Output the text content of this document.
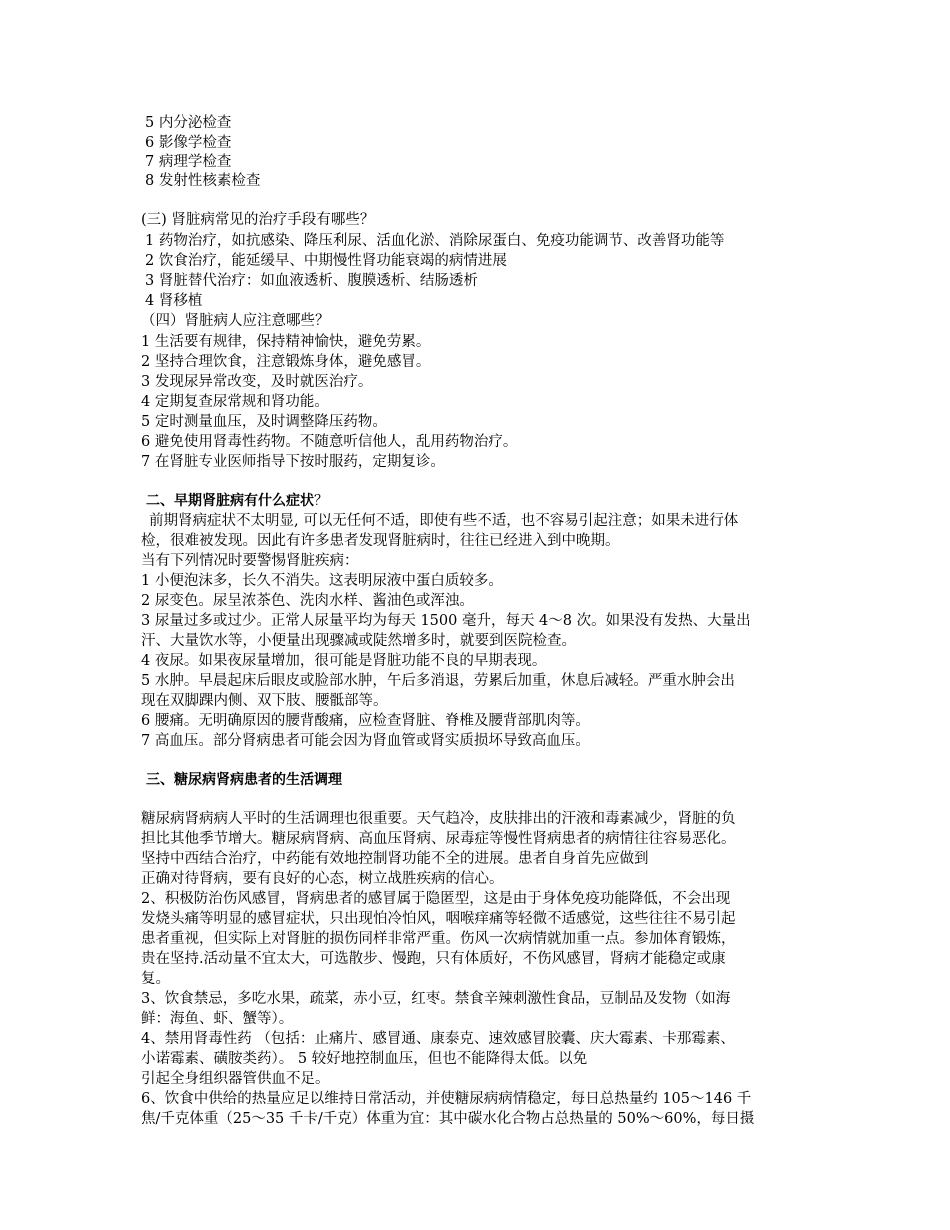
5 内分泌检查
6 影像学检查
7 病理学检查
8 发射性核素检查
(三) 肾脏病常见的治疗手段有哪些？
1 药物治疗，如抗感染、降压利尿、活血化淤、消除尿蛋白、免疫功能调节、改善肾功能等
2 饮食治疗，能延缓早、中期慢性肾功能衰竭的病情进展
3 肾脏替代治疗：如血液透析、腹膜透析、结肠透析
4 肾移植
（四）肾脏病人应注意哪些？
1 生活要有规律，保持精神愉快，避免劳累。
2 坚持合理饮食，注意锻炼身体，避免感冒。
3 发现尿异常改变，及时就医治疗。
4 定期复查尿常规和肾功能。
5 定时测量血压，及时调整降压药物。
6 避免使用肾毒性药物。不随意听信他人，乱用药物治疗。
7 在肾脏专业医师指导下按时服药，定期复诊。
二、早期肾脏病有什么症状？
前期肾病症状不太明显, 可以无任何不适，即使有些不适，也不容易引起注意；如果未进行体
检，很难被发现。因此有许多患者发现肾脏病时，往往已经进入到中晚期。
当有下列情况时要警惕肾脏疾病：
1 小便泡沫多，长久不消失。这表明尿液中蛋白质较多。
2 尿变色。尿呈浓茶色、洗肉水样、酱油色或浑浊。
3 尿量过多或过少。正常人尿量平均为每天 1500 毫升，每天 4～8 次。如果没有发热、大量出
汗、大量饮水等，小便量出现骤减或陡然增多时，就要到医院检查。
4 夜尿。如果夜尿量增加，很可能是肾脏功能不良的早期表现。
5 水肿。早晨起床后眼皮或脸部水肿，午后多消退，劳累后加重，休息后减轻。严重水肿会出
现在双脚踝内侧、双下肢、腰骶部等。
6 腰痛。无明确原因的腰背酸痛，应检查肾脏、脊椎及腰背部肌肉等。
7 高血压。部分肾病患者可能会因为肾血管或肾实质损坏导致高血压。
三、糖尿病肾病患者的生活调理
糖尿病肾病病人平时的生活调理也很重要。天气趋冷，皮肤排出的汗液和毒素减少，肾脏的负
担比其他季节增大。糖尿病肾病、高血压肾病、尿毒症等慢性肾病患者的病情往往容易恶化。
坚持中西结合治疗，中药能有效地控制肾功能不全的进展。患者自身首先应做到
正确对待肾病，要有良好的心态，树立战胜疾病的信心。
2、积极防治伤风感冒，肾病患者的感冒属于隐匿型，这是由于身体免疫功能降低，不会出现
发烧头痛等明显的感冒症状，只出现怕冷怕风，咽喉痒痛等轻微不适感觉，这些往往不易引起
患者重视，但实际上对肾脏的损伤同样非常严重。伤风一次病情就加重一点。参加体育锻炼，
贵在坚持.活动量不宜太大，可选散步、慢跑，只有体质好，不伤风感冒，肾病才能稳定或康
复。
3、饮食禁忌，多吃水果，疏菜，赤小豆，红枣。禁食辛辣刺激性食品，豆制品及发物（如海
鲜：海鱼、虾、蟹等）。
4、禁用肾毒性药 （包括：止痛片、感冒通、康泰克、速效感冒胶囊、庆大霉素、卡那霉素、
小诺霉素、磺胺类药）。 5 较好地控制血压，但也不能降得太低。以免
引起全身组织器管供血不足。
6、饮食中供给的热量应足以维持日常活动，并使糖尿病病情稳定，每日总热量约 105～146 千
焦/千克体重（25～35 千卡/千克）体重为宜：其中碳水化合物占总热量的 50%～60%，每日摄
